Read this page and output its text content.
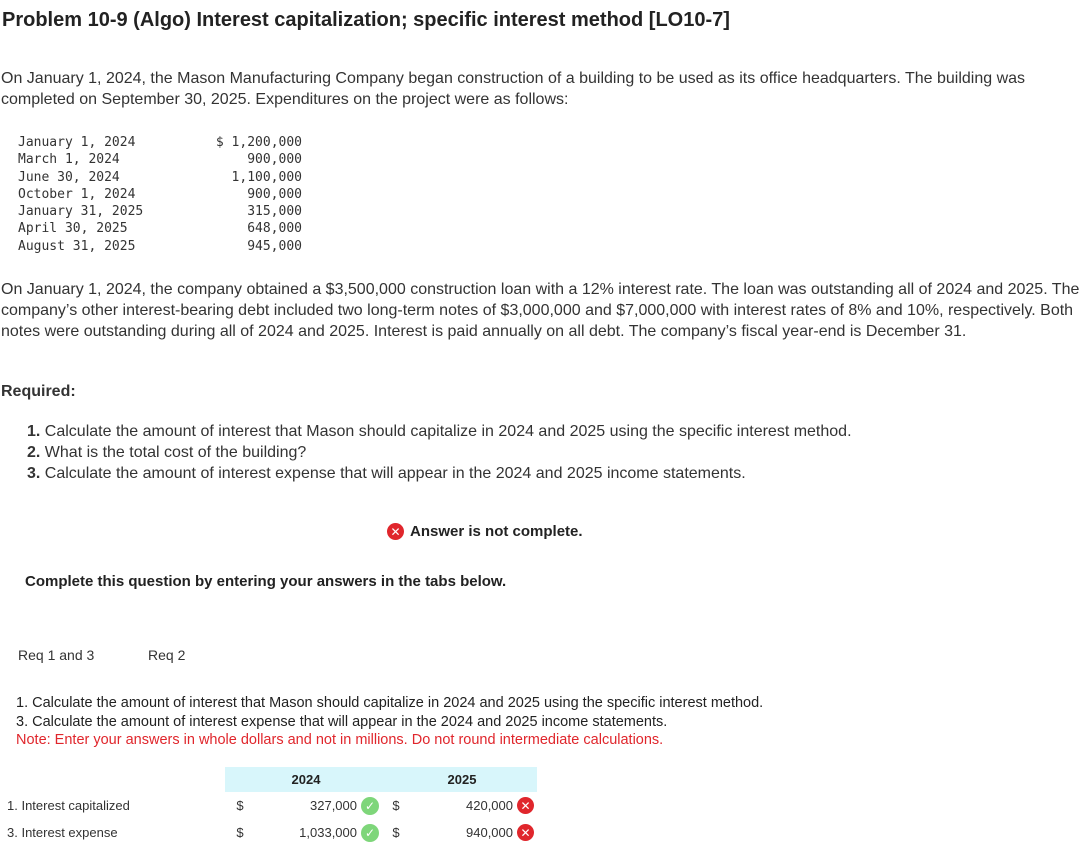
Problem 10-9 (Algo) Interest capitalization; specific interest method [LO10-7]
On January 1, 2024, the Mason Manufacturing Company began construction of a building to be used as its office headquarters. The building was completed on September 30, 2025. Expenditures on the project were as follows:
January 1, 2024	$ 1,200,000
March 1, 2024	900,000
June 30, 2024	1,100,000
October 1, 2024	900,000
January 31, 2025	315,000
April 30, 2025	648,000
August 31, 2025	945,000
On January 1, 2024, the company obtained a $3,500,000 construction loan with a 12% interest rate. The loan was outstanding all of 2024 and 2025. The company’s other interest-bearing debt included two long-term notes of $3,000,000 and $7,000,000 with interest rates of 8% and 10%, respectively. Both notes were outstanding during all of 2024 and 2025. Interest is paid annually on all debt. The company’s fiscal year-end is December 31.
Required:
1. Calculate the amount of interest that Mason should capitalize in 2024 and 2025 using the specific interest method.
2. What is the total cost of the building?
3. Calculate the amount of interest expense that will appear in the 2024 and 2025 income statements.
✕ Answer is not complete.
Complete this question by entering your answers in the tabs below.
Req 1 and 3	Req 2
1. Calculate the amount of interest that Mason should capitalize in 2024 and 2025 using the specific interest method.
3. Calculate the amount of interest expense that will appear in the 2024 and 2025 income statements.
Note: Enter your answers in whole dollars and not in millions. Do not round intermediate calculations.
		2024			2025	
1. Interest capitalized	$	327,000	✓	$	420,000	✕
3. Interest expense	$	1,033,000	✓	$	940,000	✕
